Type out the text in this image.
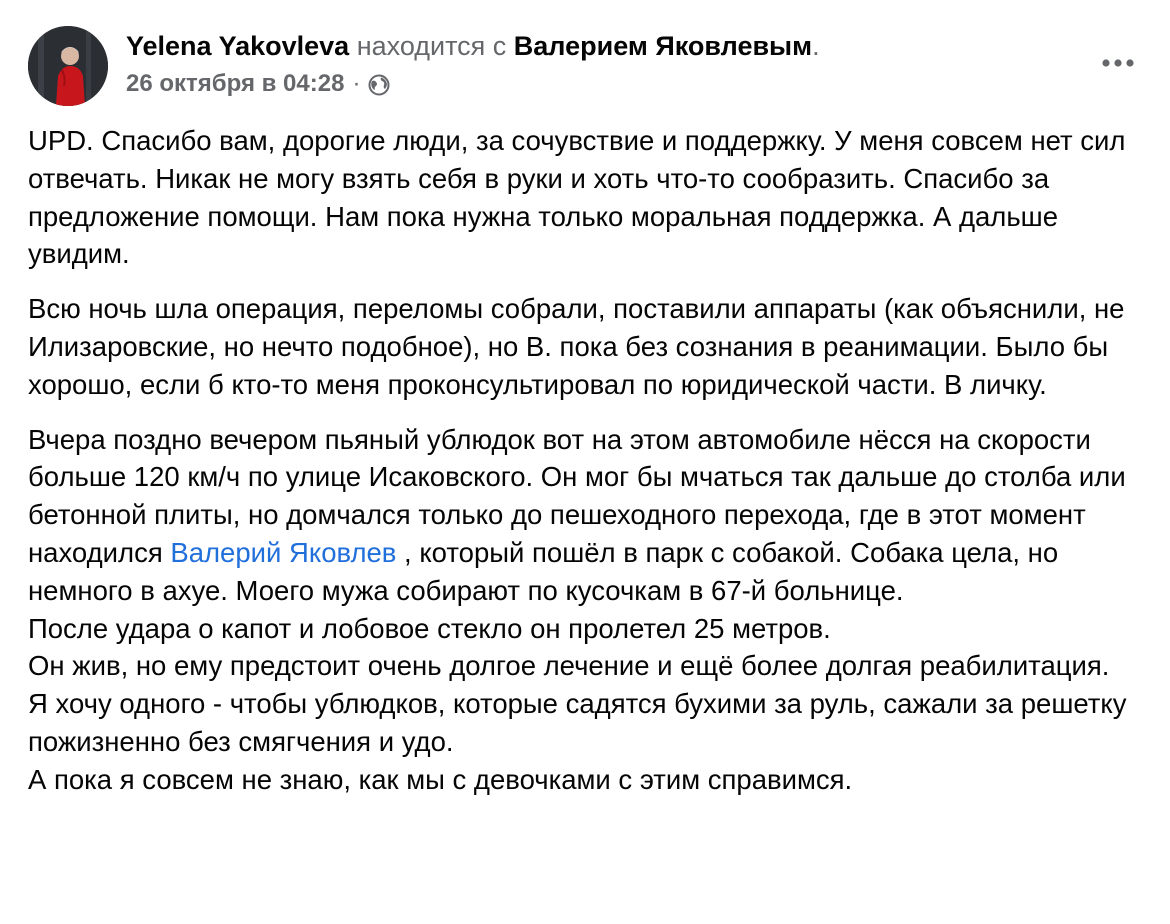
Yelena Yakovleva находится с Валерием Яковлевым.
26 октября в 04:28 ·

UPD. Спасибо вам, дорогие люди, за сочувствие и поддержку. У меня совсем нет сил отвечать. Никак не могу взять себя в руки и хоть что-то сообразить. Спасибо за предложение помощи. Нам пока нужна только моральная поддержка. А дальше увидим.

Всю ночь шла операция, переломы собрали, поставили аппараты (как объяснили, не Илизаровские, но нечто подобное), но В. пока без сознания в реанимации. Было бы хорошо, если б кто-то меня проконсультировал по юридической части. В личку.

Вчера поздно вечером пьяный ублюдок вот на этом автомобиле нёсся на скорости больше 120 км/ч по улице Исаковского. Он мог бы мчаться так дальше до столба или бетонной плиты, но домчался только до пешеходного перехода, где в этот момент находился Валерий Яковлев , который пошёл в парк с собакой. Собака цела, но немного в ахуе. Моего мужа собирают по кусочкам в 67-й больнице.
После удара о капот и лобовое стекло он пролетел 25 метров.
Он жив, но ему предстоит очень долгое лечение и ещё более долгая реабилитация.
Я хочу одного - чтобы ублюдков, которые садятся бухими за руль, сажали за решетку пожизненно без смягчения и удо.
А пока я совсем не знаю, как мы с девочками с этим справимся.
